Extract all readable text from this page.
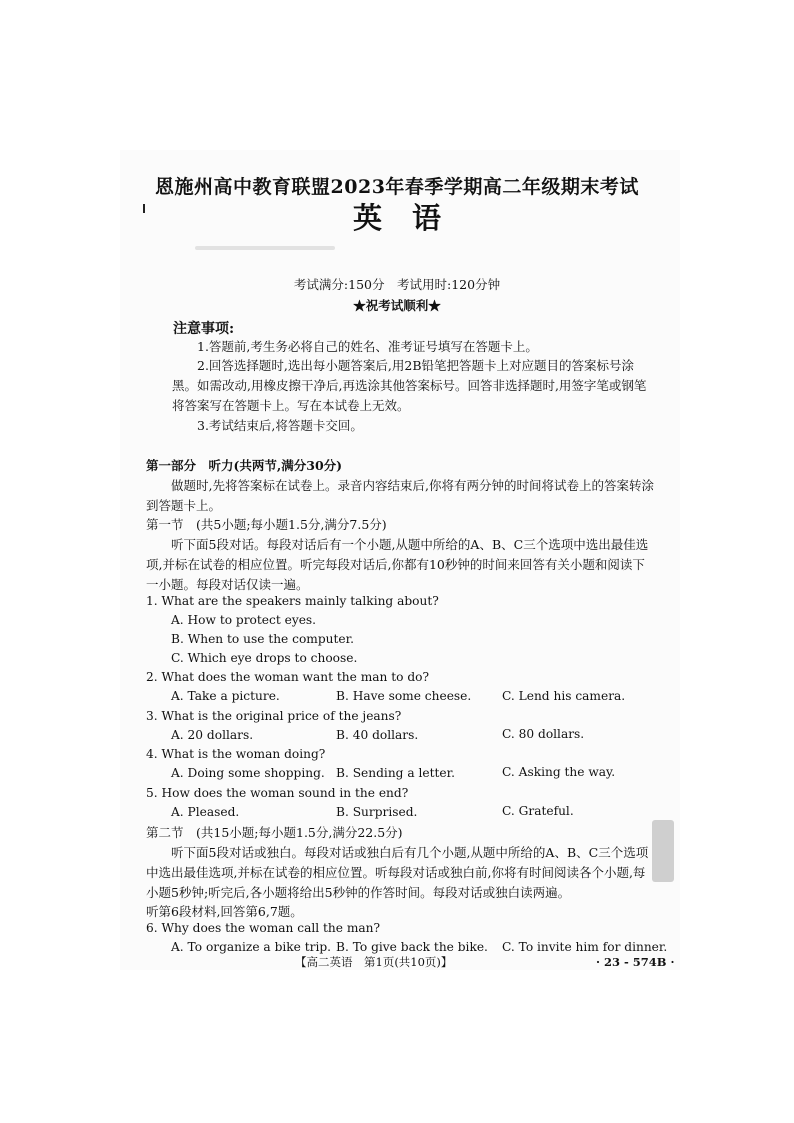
恩施州高中教育联盟2023年春季学期高二年级期末考试
英语
考试满分:150分　考试用时:120分钟
★祝考试顺利★
注意事项:
1.答题前,考生务必将自己的姓名、准考证号填写在答题卡上。
2.回答选择题时,选出每小题答案后,用2B铅笔把答题卡上对应题目的答案标号涂黑。如需改动,用橡皮擦干净后,再选涂其他答案标号。回答非选择题时,用签字笔或钢笔将答案写在答题卡上。写在本试卷上无效。
3.考试结束后,将答题卡交回。
第一部分　听力(共两节,满分30分)
做题时,先将答案标在试卷上。录音内容结束后,你将有两分钟的时间将试卷上的答案转涂到答题卡上。
第一节　(共5小题;每小题1.5分,满分7.5分)
听下面5段对话。每段对话后有一个小题,从题中所给的A、B、C三个选项中选出最佳选项,并标在试卷的相应位置。听完每段对话后,你都有10秒钟的时间来回答有关小题和阅读下一小题。每段对话仅读一遍。
1. What are the speakers mainly talking about?
A. How to protect eyes.
B. When to use the computer.
C. Which eye drops to choose.
2. What does the woman want the man to do?
A. Take a picture.	B. Have some cheese.	C. Lend his camera.
3. What is the original price of the jeans?
A. 20 dollars.	B. 40 dollars.	C. 80 dollars.
4. What is the woman doing?
A. Doing some shopping. B. Sending a letter.	C. Asking the way.
5. How does the woman sound in the end?
A. Pleased.	B. Surprised.	C. Grateful.
第二节　(共15小题;每小题1.5分,满分22.5分)
听下面5段对话或独白。每段对话或独白后有几个小题,从题中所给的A、B、C三个选项中选出最佳选项,并标在试卷的相应位置。听每段对话或独白前,你将有时间阅读各个小题,每小题5秒钟;听完后,各小题将给出5秒钟的作答时间。每段对话或独白读两遍。
听第6段材料,回答第6,7题。
6. Why does the woman call the man?
A. To organize a bike trip. B. To give back the bike. C. To invite him for dinner.
【高二英语　第1页(共10页)】	· 23 - 574B ·
